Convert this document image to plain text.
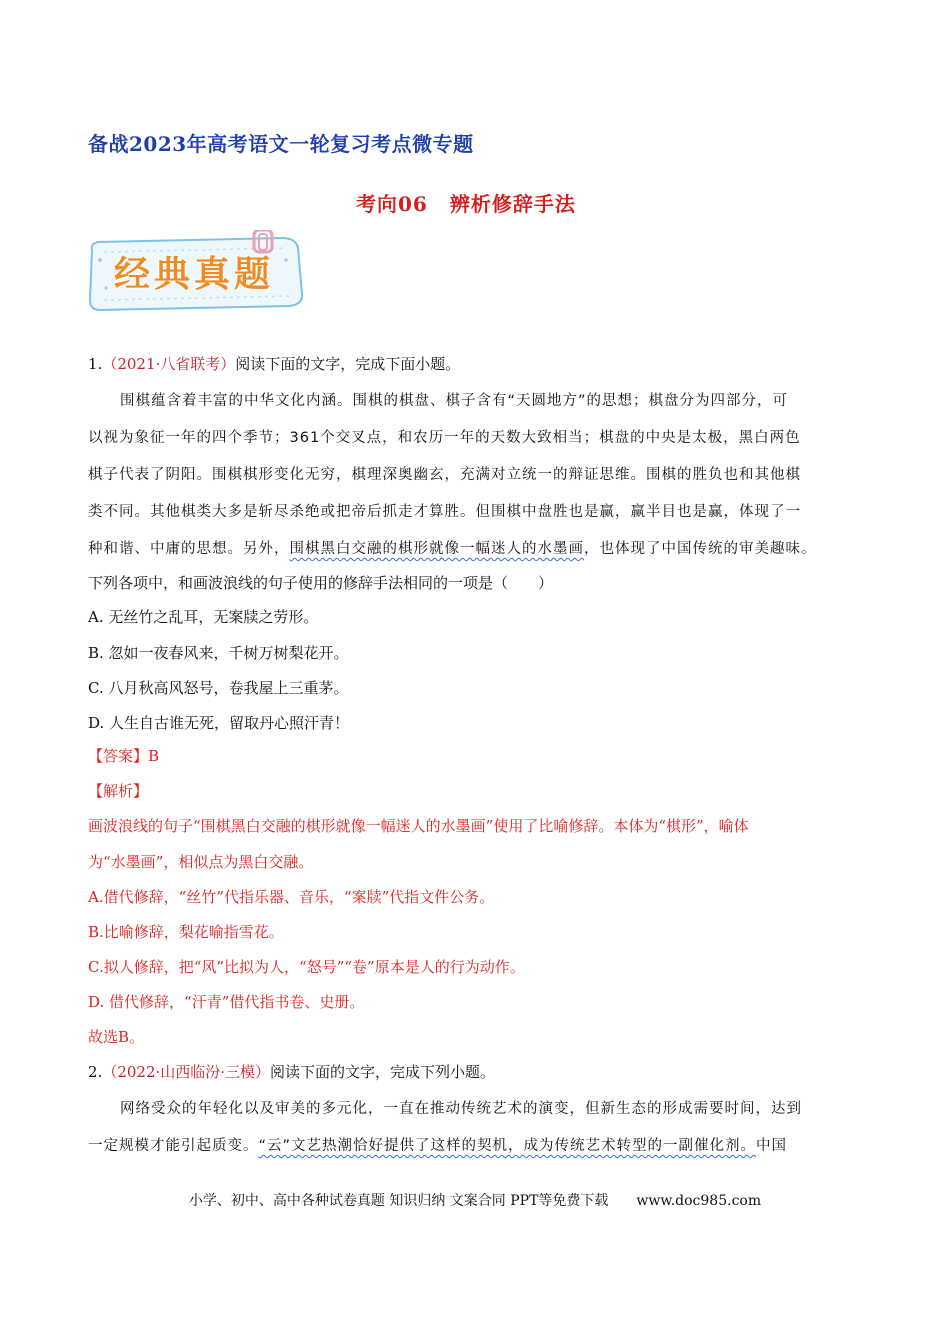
备战2023年高考语文一轮复习考点微专题
考向06 辨析修辞手法
经典真题
1.（2021·八省联考）阅读下面的文字，完成下面小题。
围棋蕴含着丰富的中华文化内涵。围棋的棋盘、棋子含有“天圆地方”的思想；棋盘分为四部分，可
以视为象征一年的四个季节；361个交叉点，和农历一年的天数大致相当；棋盘的中央是太极，黑白两色
棋子代表了阴阳。围棋棋形变化无穷，棋理深奥幽玄，充满对立统一的辩证思维。围棋的胜负也和其他棋
类不同。其他棋类大多是斩尽杀绝或把帝后抓走才算胜。但围棋中盘胜也是赢，赢半目也是赢，体现了一
种和谐、中庸的思想。另外，围棋黑白交融的棋形就像一幅迷人的水墨画，也体现了中国传统的审美趣味。
下列各项中，和画波浪线的句子使用的修辞手法相同的一项是（　　）
A. 无丝竹之乱耳，无案牍之劳形。
B. 忽如一夜春风来，千树万树梨花开。
C. 八月秋高风怒号，卷我屋上三重茅。
D. 人生自古谁无死，留取丹心照汗青！
【答案】B
【解析】
画波浪线的句子“围棋黑白交融的棋形就像一幅迷人的水墨画”使用了比喻修辞。本体为“棋形”，喻体
为“水墨画”，相似点为黑白交融。
A.借代修辞，“丝竹”代指乐器、音乐，“案牍”代指文件公务。
B.比喻修辞，梨花喻指雪花。
C.拟人修辞，把“风”比拟为人，“怒号”“卷”原本是人的行为动作。
D. 借代修辞，“汗青”借代指书卷、史册。
故选B。
2.（2022·山西临汾·三模）阅读下面的文字，完成下列小题。
网络受众的年轻化以及审美的多元化，一直在推动传统艺术的演变，但新生态的形成需要时间，达到
一定规模才能引起质变。“云”文艺热潮恰好提供了这样的契机，成为传统艺术转型的一副催化剂。中国
小学、初中、高中各种试卷真题 知识归纳 文案合同 PPT等免费下载 www.doc985.com
